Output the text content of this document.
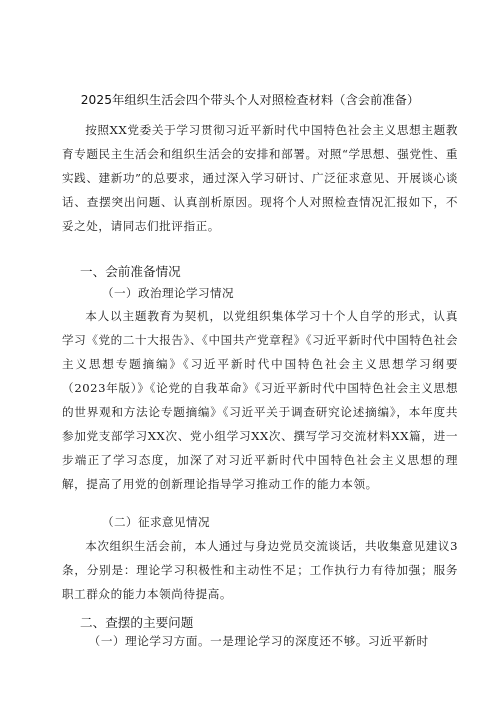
2025年组织生活会四个带头个人对照检查材料（含会前准备）

按照XX党委关于学习贯彻习近平新时代中国特色社会主义思想主题教育专题民主生活会和组织生活会的安排和部署。对照“学思想、强党性、重实践、建新功”的总要求，通过深入学习研讨、广泛征求意见、开展谈心谈话、查摆突出问题、认真剖析原因。现将个人对照检查情况汇报如下，不妥之处，请同志们批评指正。

一、会前准备情况
（一）政治理论学习情况

本人以主题教育为契机，以党组织集体学习十个人自学的形式，认真学习《党的二十大报告》、《中国共产党章程》《习近平新时代中国特色社会主义思想专题摘编》《习近平新时代中国特色社会主义思想学习纲要（2023年版）》《论党的自我革命》《习近平新时代中国特色社会主义思想的世界观和方法论专题摘编》《习近平关于调查研究论述摘编》，本年度共参加党支部学习XX次、党小组学习XX次、撰写学习交流材料XX篇，进一步端正了学习态度，加深了对习近平新时代中国特色社会主义思想的理解，提高了用党的创新理论指导学习推动工作的能力本领。

（二）征求意见情况

本次组织生活会前，本人通过与身边党员交流谈话，共收集意见建议3条，分别是：理论学习积极性和主动性不足；工作执行力有待加强；服务职工群众的能力本领尚待提高。

二、查摆的主要问题

（一）理论学习方面。一是理论学习的深度还不够。习近平新时
